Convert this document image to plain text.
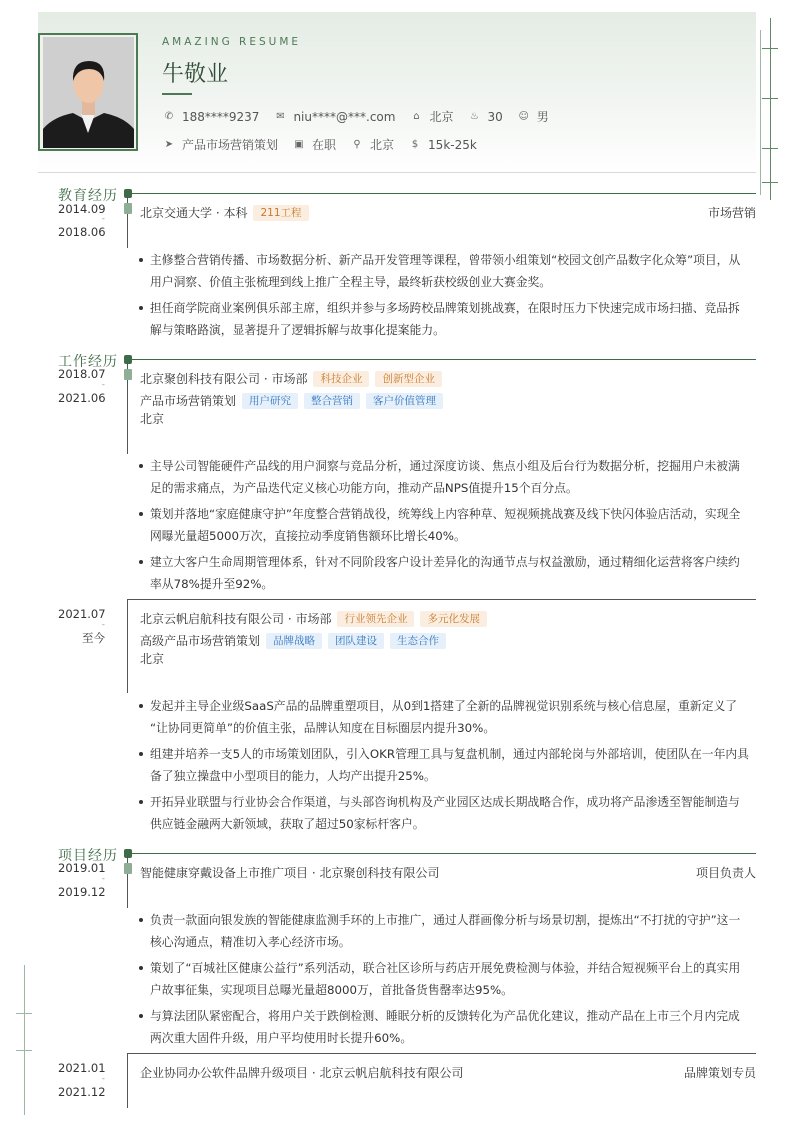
AMAZING RESUME
牛敬业
✆ 188****9237 ✉ niu****@***.com	⌂ 北京 ♨ 30 ☺ 男
➤ 产品市场营销策划 ▣ 在职	⚲ 北京	$ 15k-25k
教育经历
2014.09
-
2018.06
北京交通大学 · 本科	211工程	市场营销
主修整合营销传播、市场数据分析、新产品开发管理等课程，曾带领小组策划“校园文创产品数字化众筹”项目，从
用户洞察、价值主张梳理到线上推广全程主导，最终斩获校级创业大赛金奖。
担任商学院商业案例俱乐部主席，组织并参与多场跨校品牌策划挑战赛，在限时压力下快速完成市场扫描、竞品拆
解与策略路演，显著提升了逻辑拆解与故事化提案能力。
工作经历
2018.07
-
2021.06
北京聚创科技有限公司 · 市场部	科技企业	创新型企业
产品市场营销策划	用户研究	整合营销	客户价值管理
北京
主导公司智能硬件产品线的用户洞察与竞品分析，通过深度访谈、焦点小组及后台行为数据分析，挖掘用户未被满
足的需求痛点，为产品迭代定义核心功能方向，推动产品NPS值提升15个百分点。
策划并落地“家庭健康守护”年度整合营销战役，统筹线上内容种草、短视频挑战赛及线下快闪体验店活动，实现全
网曝光量超5000万次，直接拉动季度销售额环比增长40%。
建立大客户生命周期管理体系，针对不同阶段客户设计差异化的沟通节点与权益激励，通过精细化运营将客户续约
率从78%提升至92%。
2021.07
-
至今
北京云帆启航科技有限公司 · 市场部	行业领先企业	多元化发展
高级产品市场营销策划	品牌战略	团队建设	生态合作
北京
发起并主导企业级SaaS产品的品牌重塑项目，从0到1搭建了全新的品牌视觉识别系统与核心信息屋，重新定义了
“让协同更简单”的价值主张，品牌认知度在目标圈层内提升30%。
组建并培养一支5人的市场策划团队，引入OKR管理工具与复盘机制，通过内部轮岗与外部培训，使团队在一年内具
备了独立操盘中小型项目的能力，人均产出提升25%。
开拓异业联盟与行业协会合作渠道，与头部咨询机构及产业园区达成长期战略合作，成功将产品渗透至智能制造与
供应链金融两大新领域，获取了超过50家标杆客户。
项目经历
2019.01
-
2019.12
智能健康穿戴设备上市推广项目 · 北京聚创科技有限公司	项目负责人
负责一款面向银发族的智能健康监测手环的上市推广，通过人群画像分析与场景切割，提炼出“不打扰的守护”这一
核心沟通点，精准切入孝心经济市场。
策划了“百城社区健康公益行”系列活动，联合社区诊所与药店开展免费检测与体验，并结合短视频平台上的真实用
户故事征集，实现项目总曝光量超8000万，首批备货售罄率达95%。
与算法团队紧密配合，将用户关于跌倒检测、睡眠分析的反馈转化为产品优化建议，推动产品在上市三个月内完成
两次重大固件升级，用户平均使用时长提升60%。
2021.01
-
2021.12
企业协同办公软件品牌升级项目 · 北京云帆启航科技有限公司	品牌策划专员
